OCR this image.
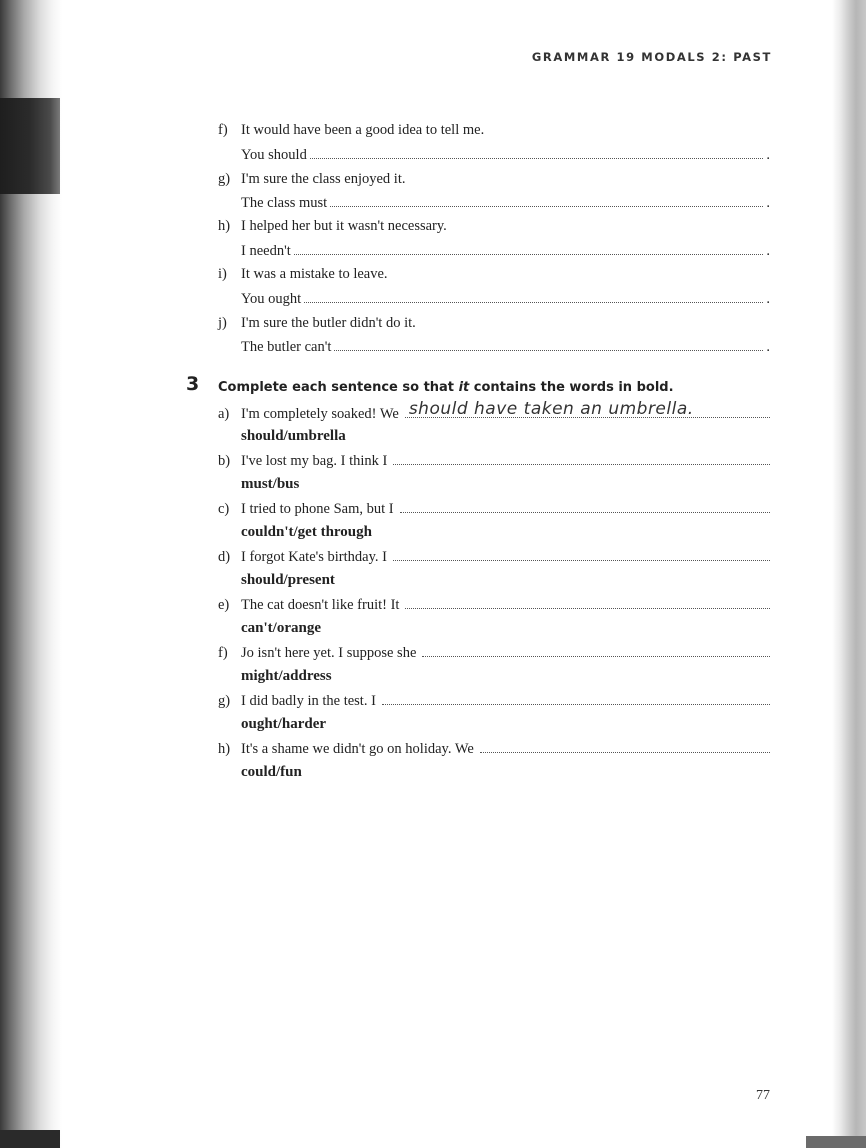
GRAMMAR 19 MODALS 2: PAST
f) It would have been a good idea to tell me.
You should	.
g) I'm sure the class enjoyed it.
The class must	.
h) I helped her but it wasn't necessary.
I needn't	.
i) It was a mistake to leave.
You ought	.
j) I'm sure the butler didn't do it.
The butler can't	.
3 Complete each sentence so that it contains the words in bold.
a) I'm completely soaked! We should have taken an umbrella.
should/umbrella
b) I've lost my bag. I think I
must/bus
c) I tried to phone Sam, but I
couldn't/get through
d) I forgot Kate's birthday. I
should/present
e) The cat doesn't like fruit! It
can't/orange
f) Jo isn't here yet. I suppose she
might/address
g) I did badly in the test. I
ought/harder
h) It's a shame we didn't go on holiday. We
could/fun
77
